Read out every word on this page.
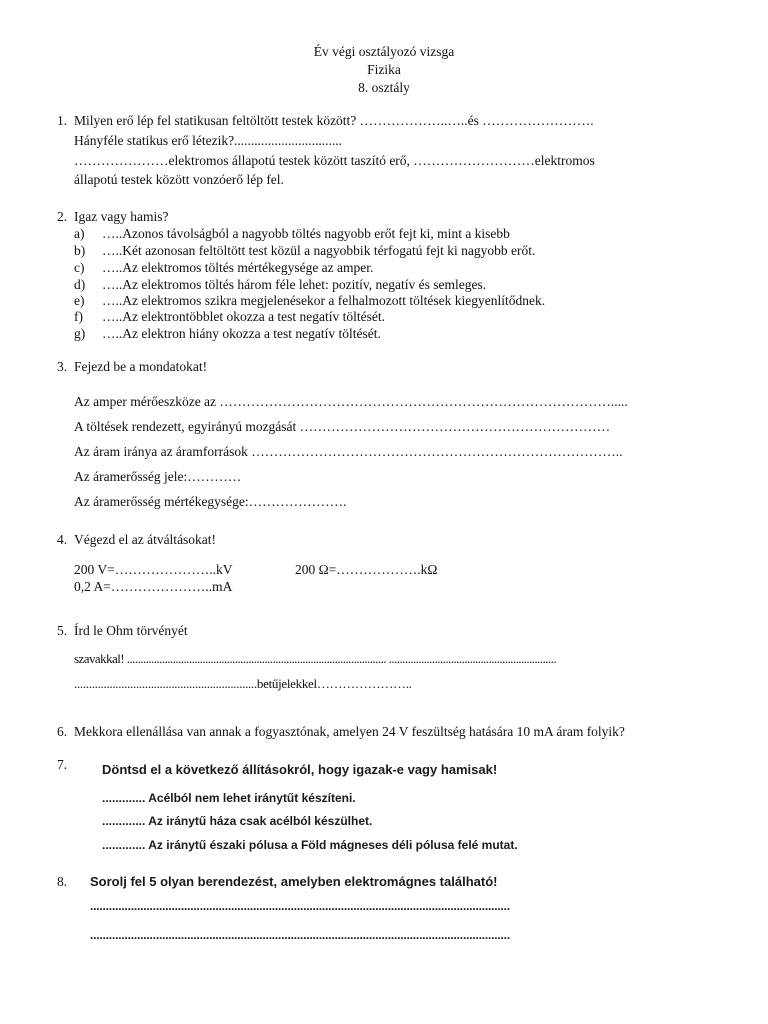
Év végi osztályozó vizsga
Fizika
8. osztály
1. Milyen erő lép fel statikusan feltöltött testek között? ………………..…..és …………………….
Hányféle statikus erő létezik?................................
…………………elektromos állapotú testek között taszító erő, ………………………elektromos
állapotú testek között vonzóerő lép fel.
2. Igaz vagy hamis?
a) …..Azonos távolságból a nagyobb töltés nagyobb erőt fejt ki, mint a kisebb
b) …..Két azonosan feltöltött test közül a nagyobbik térfogatú fejt ki nagyobb erőt.
c) …..Az elektromos töltés mértékegysége az amper.
d) …..Az elektromos töltés három féle lehet: pozitív, negatív és semleges.
e) …..Az elektromos szikra megjelenésekor a felhalmozott töltések kiegyenlítődnek.
f) …..Az elektrontöbblet okozza a test negatív töltését.
g) …..Az elektron hiány okozza a test negatív töltését.
3. Fejezd be a mondatokat!
Az amper mérőeszköze az …………………………………………………………………………….....
A töltések rendezett, egyirányú mozgását ……………………………………………………………
Az áram iránya az áramforrások ………………………………………………………………………..
Az áramerősség jele:…………
Az áramerősség mértékegysége:………………….
4. Végezd el az átváltásokat!
200 V=…………………..kV	200 Ω=……………….kΩ
0,2 A=…………………..mA
5. Írd le Ohm törvényét
szavakkal! ................................................................................................ ..............................................................
..............................................................betűjelekkel…………………..
6. Mekkora ellenállása van annak a fogyasztónak, amelyen 24 V feszültség hatására 10 mA áram folyik?
7.	Döntsd el a következő állításokról, hogy igazak-e vagy hamisak!
............. Acélból nem lehet iránytűt készíteni.
............. Az iránytű háza csak acélból készülhet.
............. Az iránytű északi pólusa a Föld mágneses déli pólusa felé mutat.
8. Sorolj fel 5 olyan berendezést, amelyben elektromágnes található!
......................................................................................................................................
......................................................................................................................................
